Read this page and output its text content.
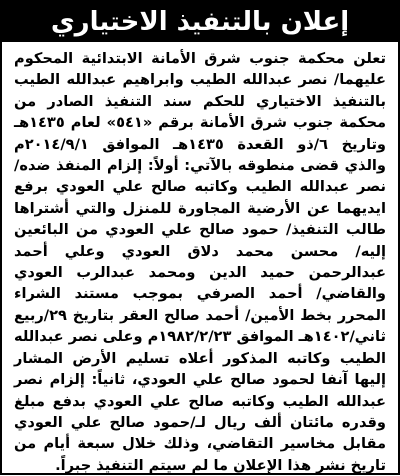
إعلان بالتنفيذ الاختياري

تعلن محكمة جنوب شرق الأمانة الابتدائية المحكوم عليهما/ نصر عبدالله الطيب وابراهيم عبدالله الطيب بالتنفيذ الاختياري للحكم سند التنفيذ الصادر من محكمة جنوب شرق الأمانة برقم «٥٤١» لعام ١٤٣٥هـ وتاريخ ٦/ذو القعدة ١٤٣٥هـ الموافق ٢٠١٤/٩/١م والذي قضى منطوقه بالآتي: أولاً: إلزام المنفذ ضده/ نصر عبدالله الطيب وكاتبه صالح علي العودي برفع ايديهما عن الأرضية المجاورة للمنزل والتي أشتراها طالب التنفيذ/ حمود صالح علي العودي من البائعين إليه/ محسن محمد دلاق العودي وعلي أحمد عبدالرحمن حميد الدين ومحمد عبدالرب العودي والقاضي/ أحمد الصرفي بموجب مستند الشراء المحرر بخط الأمين/ أحمد صالح العقر بتاريخ ٢٩/ربيع ثاني/١٤٠٢هـ الموافق ١٩٨٢/٢/٢٣م وعلى نصر عبدالله الطيب وكاتبه المذكور أعلاه تسليم الأرض المشار إليها آنفا لحمود صالح علي العودي، ثانياً: إلزام نصر عبدالله الطيب وكاتبه صالح علي العودي بدفع مبلغ وقدره مائتان ألف ريال لـ/حمود صالح علي العودي مقابل مخاسير التقاضي، وذلك خلال سبعة أيام من تاريخ نشر هذا الإعلان ما لم سيتم التنفيذ جبراً.
